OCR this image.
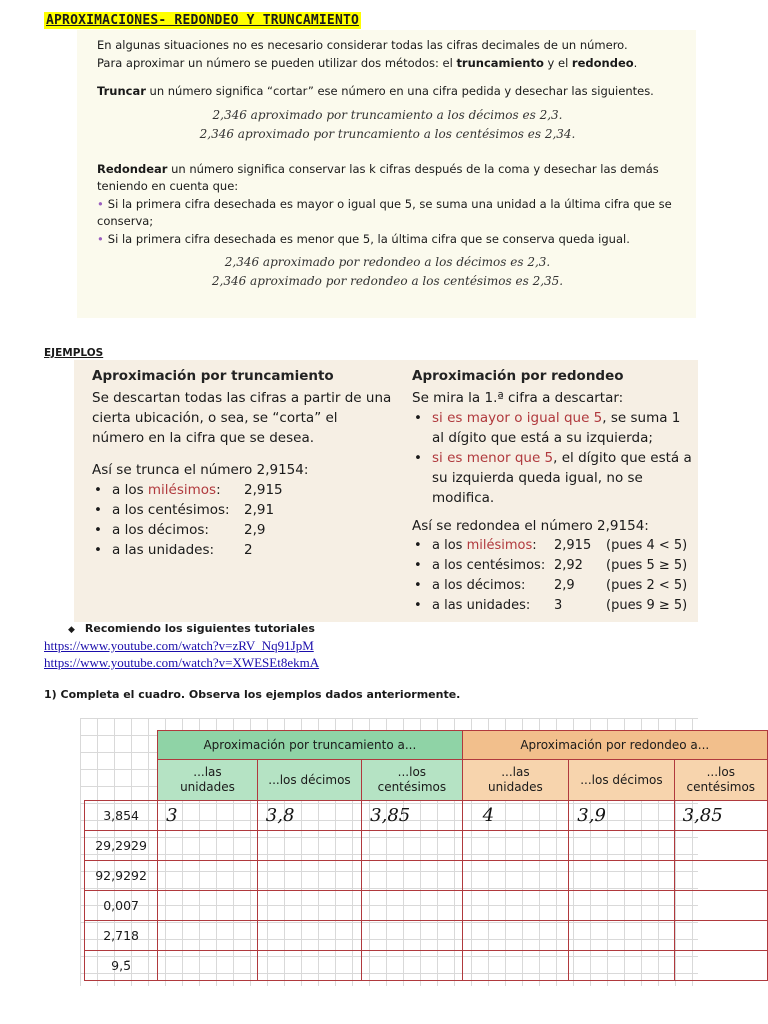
APROXIMACIONES- REDONDEO Y TRUNCAMIENTO

En algunas situaciones no es necesario considerar todas las cifras decimales de un número.

Para aproximar un número se pueden utilizar dos métodos: el truncamiento y el redondeo.

Truncar un número significa “cortar” ese número en una cifra pedida y desechar las siguientes.

2,346 aproximado por truncamiento a los décimos es 2,3.
2,346 aproximado por truncamiento a los centésimos es 2,34.

Redondear un número significa conservar las k cifras después de la coma y desechar las demás teniendo en cuenta que:

• Si la primera cifra desechada es mayor o igual que 5, se suma una unidad a la última cifra que se conserva;

• Si la primera cifra desechada es menor que 5, la última cifra que se conserva queda igual.

2,346 aproximado por redondeo a los décimos es 2,3.
2,346 aproximado por redondeo a los centésimos es 2,35.
EJEMPLOS
Aproximación por truncamiento

Se descartan todas las cifras a partir de una cierta ubicación, o sea, se “corta” el número en la cifra que se desea.

Así se trunca el número 2,9154:

• a los milésimos: 2,915
• a los centésimos: 2,91
• a los décimos:	2,9
• a las unidades: 2
Aproximación por redondeo

Se mira la 1.ª cifra a descartar:

• si es mayor o igual que 5, se suma 1 al dígito que está a su izquierda;
• si es menor que 5, el dígito que está a su izquierda queda igual, no se modifica.

Así se redondea el número 2,9154:

• a los milésimos: 2,915 (pues 4 < 5)
• a los centésimos: 2,92 (pues 5 ≥ 5)
• a los décimos: 2,9 (pues 2 < 5)
• a las unidades: 3	(pues 9 ≥ 5)
◆ Recomiendo los siguientes tutoriales
https://www.youtube.com/watch?v=zRV_Nq91JpM
https://www.youtube.com/watch?v=XWESEt8ekmA
1) Completa el cuadro. Observa los ejemplos dados anteriormente.
	Aproximación por truncamiento a...			Aproximación por redondeo a...		
	...las unidades	...los décimos	...los centésimos	...las unidades	...los décimos	...los centésimos
3,854	3	3,8	3,85	4	3,9	3,85
29,2929						
92,9292						
0,007						
2,718						
9,5̄						
